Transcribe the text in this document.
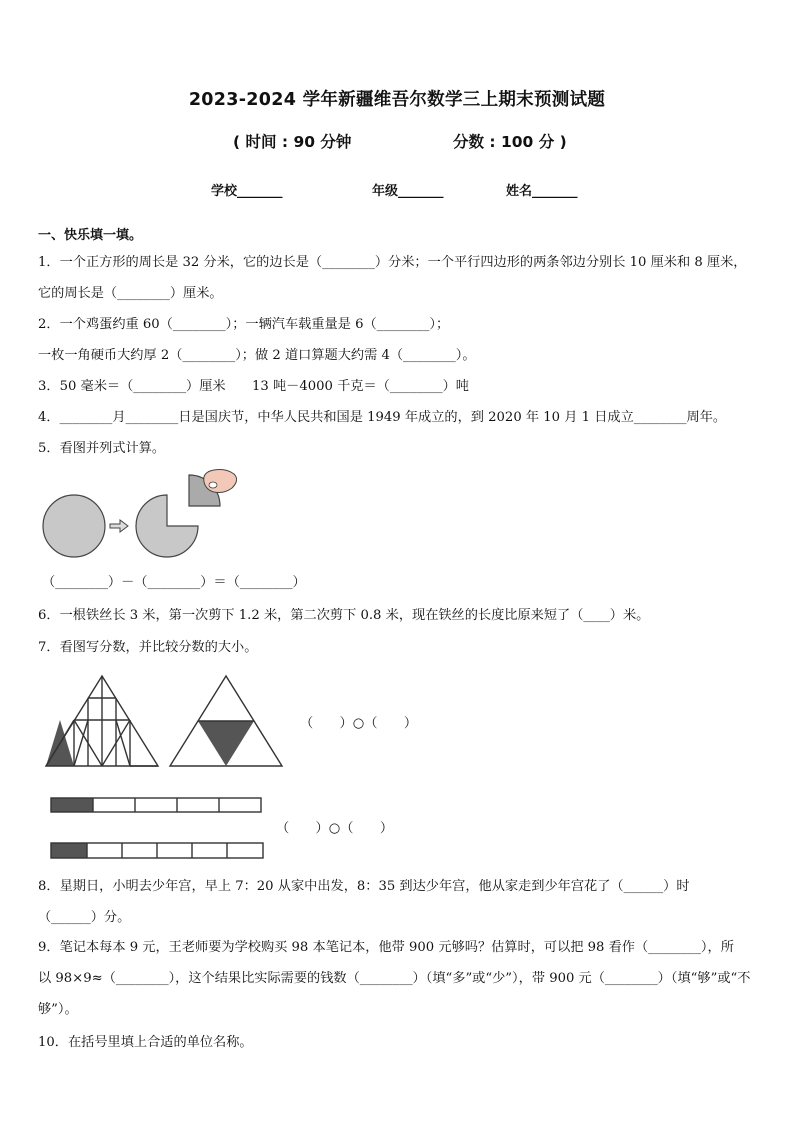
2023-2024 学年新疆维吾尔数学三上期末预测试题
( 时间 : 90 分钟	分数 : 100 分 )
学校_______	年级_______	姓名_______
一、快乐填一填。
1．一个正方形的周长是 32 分米，它的边长是（________）分米；一个平行四边形的两条邻边分别长 10 厘米和 8 厘米，
它的周长是（________）厘米。
2．一个鸡蛋约重 60（________）；一辆汽车载重量是 6（________）；
一枚一角硬币大约厚 2（________）；做 2 道口算题大约需 4（________）。
3．50 毫米＝（________）厘米　　13 吨－4000 千克＝（________）吨
4．________月________日是国庆节，中华人民共和国是 1949 年成立的，到 2020 年 10 月 1 日成立________周年。
5．看图并列式计算。
（________）－（________）＝（________）
6．一根铁丝长 3 米，第一次剪下 1.2 米，第二次剪下 0.8 米，现在铁丝的长度比原来短了（____）米。
7．看图写分数，并比较分数的大小。
（　　）○（　　）
（　　）○（　　）
8．星期日，小明去少年宫，早上 7：20 从家中出发，8：35 到达少年宫，他从家走到少年宫花了（______）时
（______）分。
9．笔记本每本 9 元，王老师要为学校购买 98 本笔记本，他带 900 元够吗？估算时，可以把 98 看作（________），所
以 98×9≈（________），这个结果比实际需要的钱数（________）（填“多”或“少”），带 900 元（________）（填“够”或“不
够”）。
10．在括号里填上合适的单位名称。
